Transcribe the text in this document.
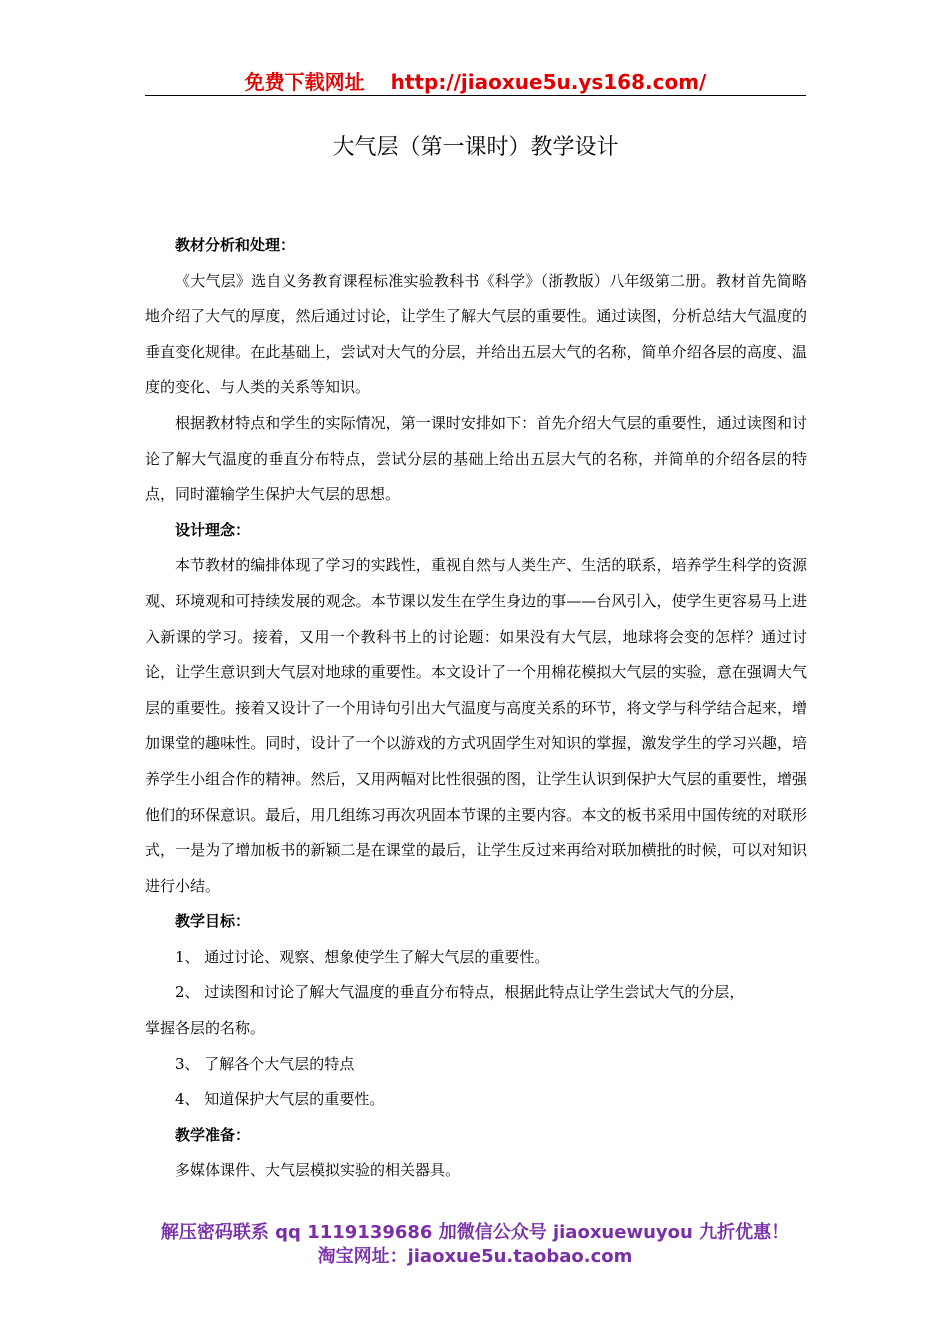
免费下载网址 http://jiaoxue5u.ys168.com/
大气层（第一课时）教学设计

教材分析和处理：

《大气层》选自义务教育课程标准实验教科书《科学》（浙教版）八年级第二册。教材首先简略地介绍了大气的厚度，然后通过讨论，让学生了解大气层的重要性。通过读图，分析总结大气温度的垂直变化规律。在此基础上，尝试对大气的分层，并给出五层大气的名称，简单介绍各层的高度、温度的变化、与人类的关系等知识。

根据教材特点和学生的实际情况，第一课时安排如下：首先介绍大气层的重要性，通过读图和讨论了解大气温度的垂直分布特点，尝试分层的基础上给出五层大气的名称，并简单的介绍各层的特点，同时灌输学生保护大气层的思想。

设计理念：

本节教材的编排体现了学习的实践性，重视自然与人类生产、生活的联系，培养学生科学的资源观、环境观和可持续发展的观念。本节课以发生在学生身边的事——台风引入，使学生更容易马上进入新课的学习。接着，又用一个教科书上的讨论题：如果没有大气层，地球将会变的怎样？通过讨论，让学生意识到大气层对地球的重要性。本文设计了一个用棉花模拟大气层的实验，意在强调大气层的重要性。接着又设计了一个用诗句引出大气温度与高度关系的环节，将文学与科学结合起来，增加课堂的趣味性。同时，设计了一个以游戏的方式巩固学生对知识的掌握，激发学生的学习兴趣，培养学生小组合作的精神。然后，又用两幅对比性很强的图，让学生认识到保护大气层的重要性，增强他们的环保意识。最后，用几组练习再次巩固本节课的主要内容。本文的板书采用中国传统的对联形式，一是为了增加板书的新颖二是在课堂的最后，让学生反过来再给对联加横批的时候，可以对知识进行小结。

教学目标：

1、 通过讨论、观察、想象使学生了解大气层的重要性。

2、 过读图和讨论了解大气温度的垂直分布特点，根据此特点让学生尝试大气的分层，

掌握各层的名称。

3、 了解各个大气层的特点

4、 知道保护大气层的重要性。

教学准备：

多媒体课件、大气层模拟实验的相关器具。

解压密码联系 qq 1119139686 加微信公众号 jiaoxuewuyou 九折优惠！
淘宝网址：jiaoxue5u.taobao.com
